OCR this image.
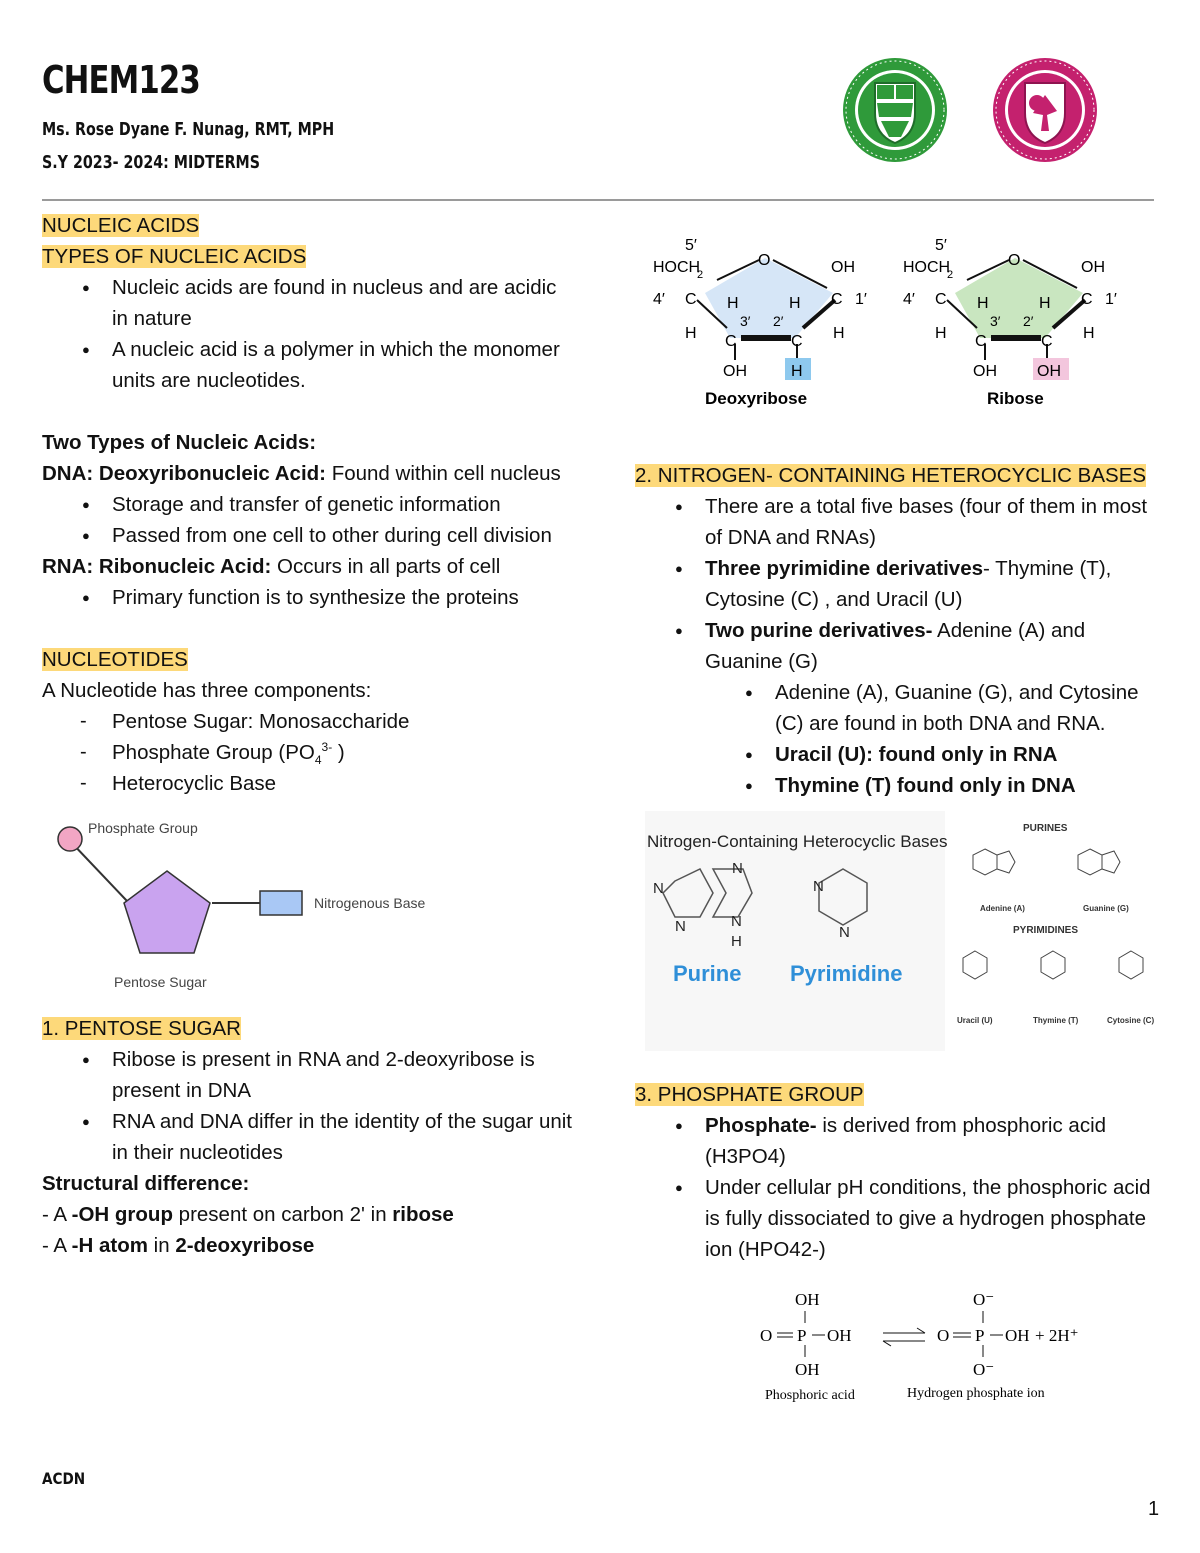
CHEM123
Ms. Rose Dyane F. Nunag, RMT, MPH
S.Y 2023- 2024: MIDTERMS

NUCLEIC ACIDS

TYPES OF NUCLEIC ACIDS

● Nucleic acids are found in nucleus and are acidic in nature
● A nucleic acid is a polymer in which the monomer units are nucleotides.

Two Types of Nucleic Acids:

DNA: Deoxyribonucleic Acid: Found within cell nucleus

● Storage and transfer of genetic information
● Passed from one cell to other during cell division

RNA: Ribonucleic Acid: Occurs in all parts of cell

● Primary function is to synthesize the proteins

NUCLEOTIDES

A Nucleotide has three components:

- Pentose Sugar: Monosaccharide
- Phosphate Group ($PO_4^{3-}$ )
- Heterocyclic Base
Phosphate Group
Nitrogenous Base
Pentose Sugar

1. PENTOSE SUGAR

● Ribose is present in RNA and 2-deoxyribose is present in DNA
● RNA and DNA differ in the identity of the sugar unit in their nucleotides

Structural difference:

- A -OH group present on carbon 2' in ribose

- A -H atom in 2-deoxyribose

5′
HOCH
2
O	OH
4′ C H	H C 1′
H	H
3′ 2′
C	C
OH	H
Deoxyribose
5′
HOCH
2
O	OH
4′ C H	H C 1′
H	H
3′ 2′
C	C
OH	OH
Ribose

2. NITROGEN- CONTAINING HETEROCYCLIC BASES

● There are a total five bases (four of them in most of DNA and RNAs)
● Three pyrimidine derivatives- Thymine (T), Cytosine (C) , and Uracil (U)
● Two purine derivatives- Adenine (A) and Guanine (G)
● Adenine (A), Guanine (G), and Cytosine (C) are found in both DNA and RNA.
● Uracil (U): found only in RNA
● Thymine (T) found only in DNA
Nitrogen-Containing Heterocyclic Bases
N
N
N
N
H
Purine
N
N
Pyrimidine
PURINES
Adenine (A)	Guanine (G)
PYRIMIDINES
Uracil (U)	Thymine (T)	Cytosine (C)

3. PHOSPHATE GROUP

● Phosphate- is derived from phosphoric acid (H3PO4)
● Under cellular pH conditions, the phosphoric acid is fully dissociated to give a hydrogen phosphate ion (HPO42-)
OH
O P OH
OH
O⁻
O P OH + 2H⁺
O⁻
Phosphoric acid	Hydrogen phosphate ion
ACDN
1
